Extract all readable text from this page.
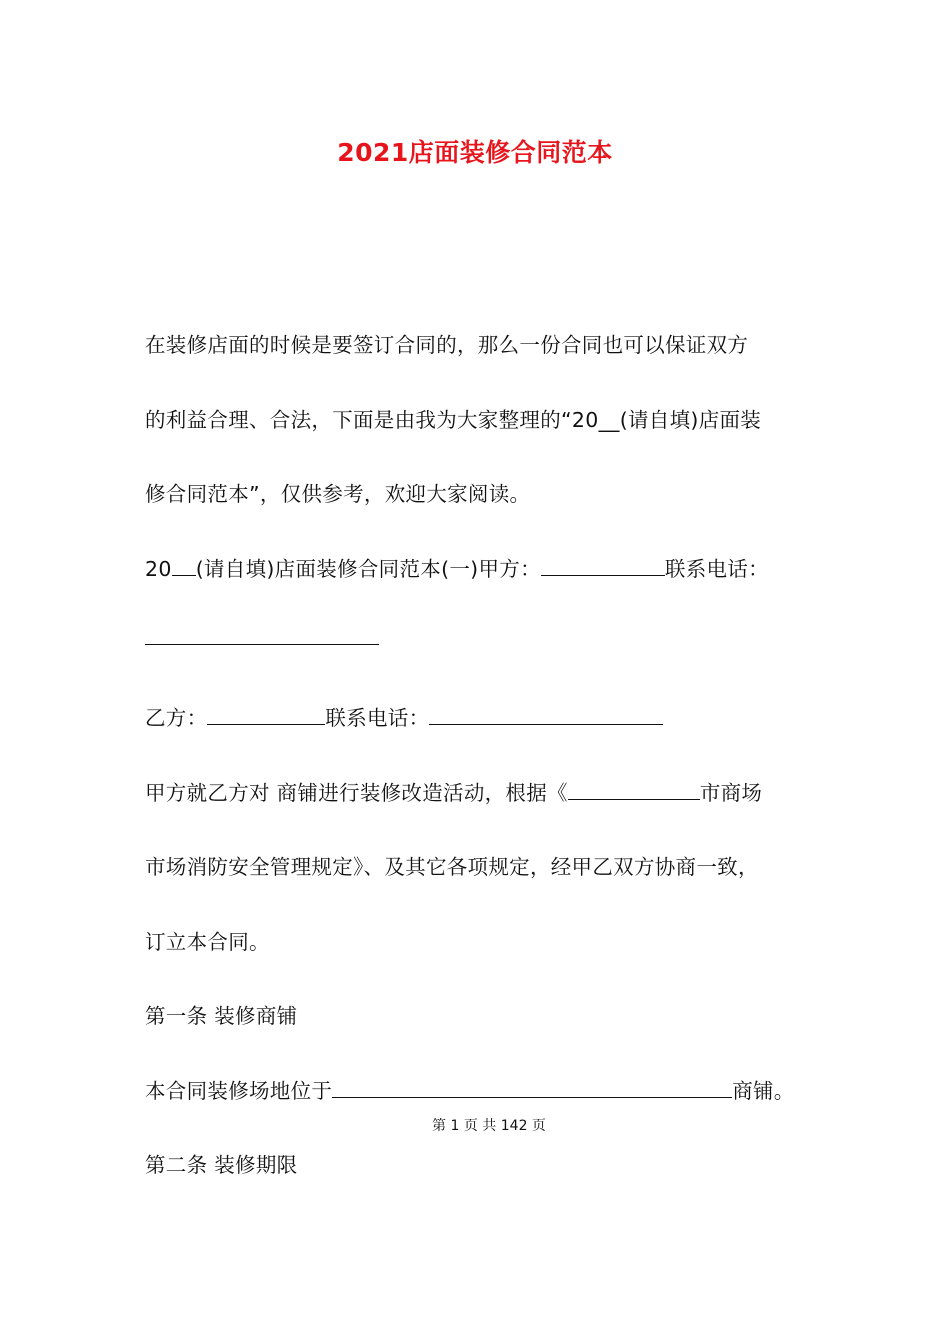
2021店面装修合同范本
在装修店面的时候是要签订合同的，那么一份合同也可以保证双方
的利益合理、合法，下面是由我为大家整理的“20__(请自填)店面装
修合同范本”，仅供参考，欢迎大家阅读。
20 (请自填)店面装修合同范本(一)甲方：	联系电话：
乙方：	联系电话：
甲方就乙方对 商铺进行装修改造活动，根据《	市商场
市场消防安全管理规定》、及其它各项规定，经甲乙双方协商一致，
订立本合同。
第一条 装修商铺
本合同装修场地位于	商铺。
第 1 页 共 142 页
第二条 装修期限
